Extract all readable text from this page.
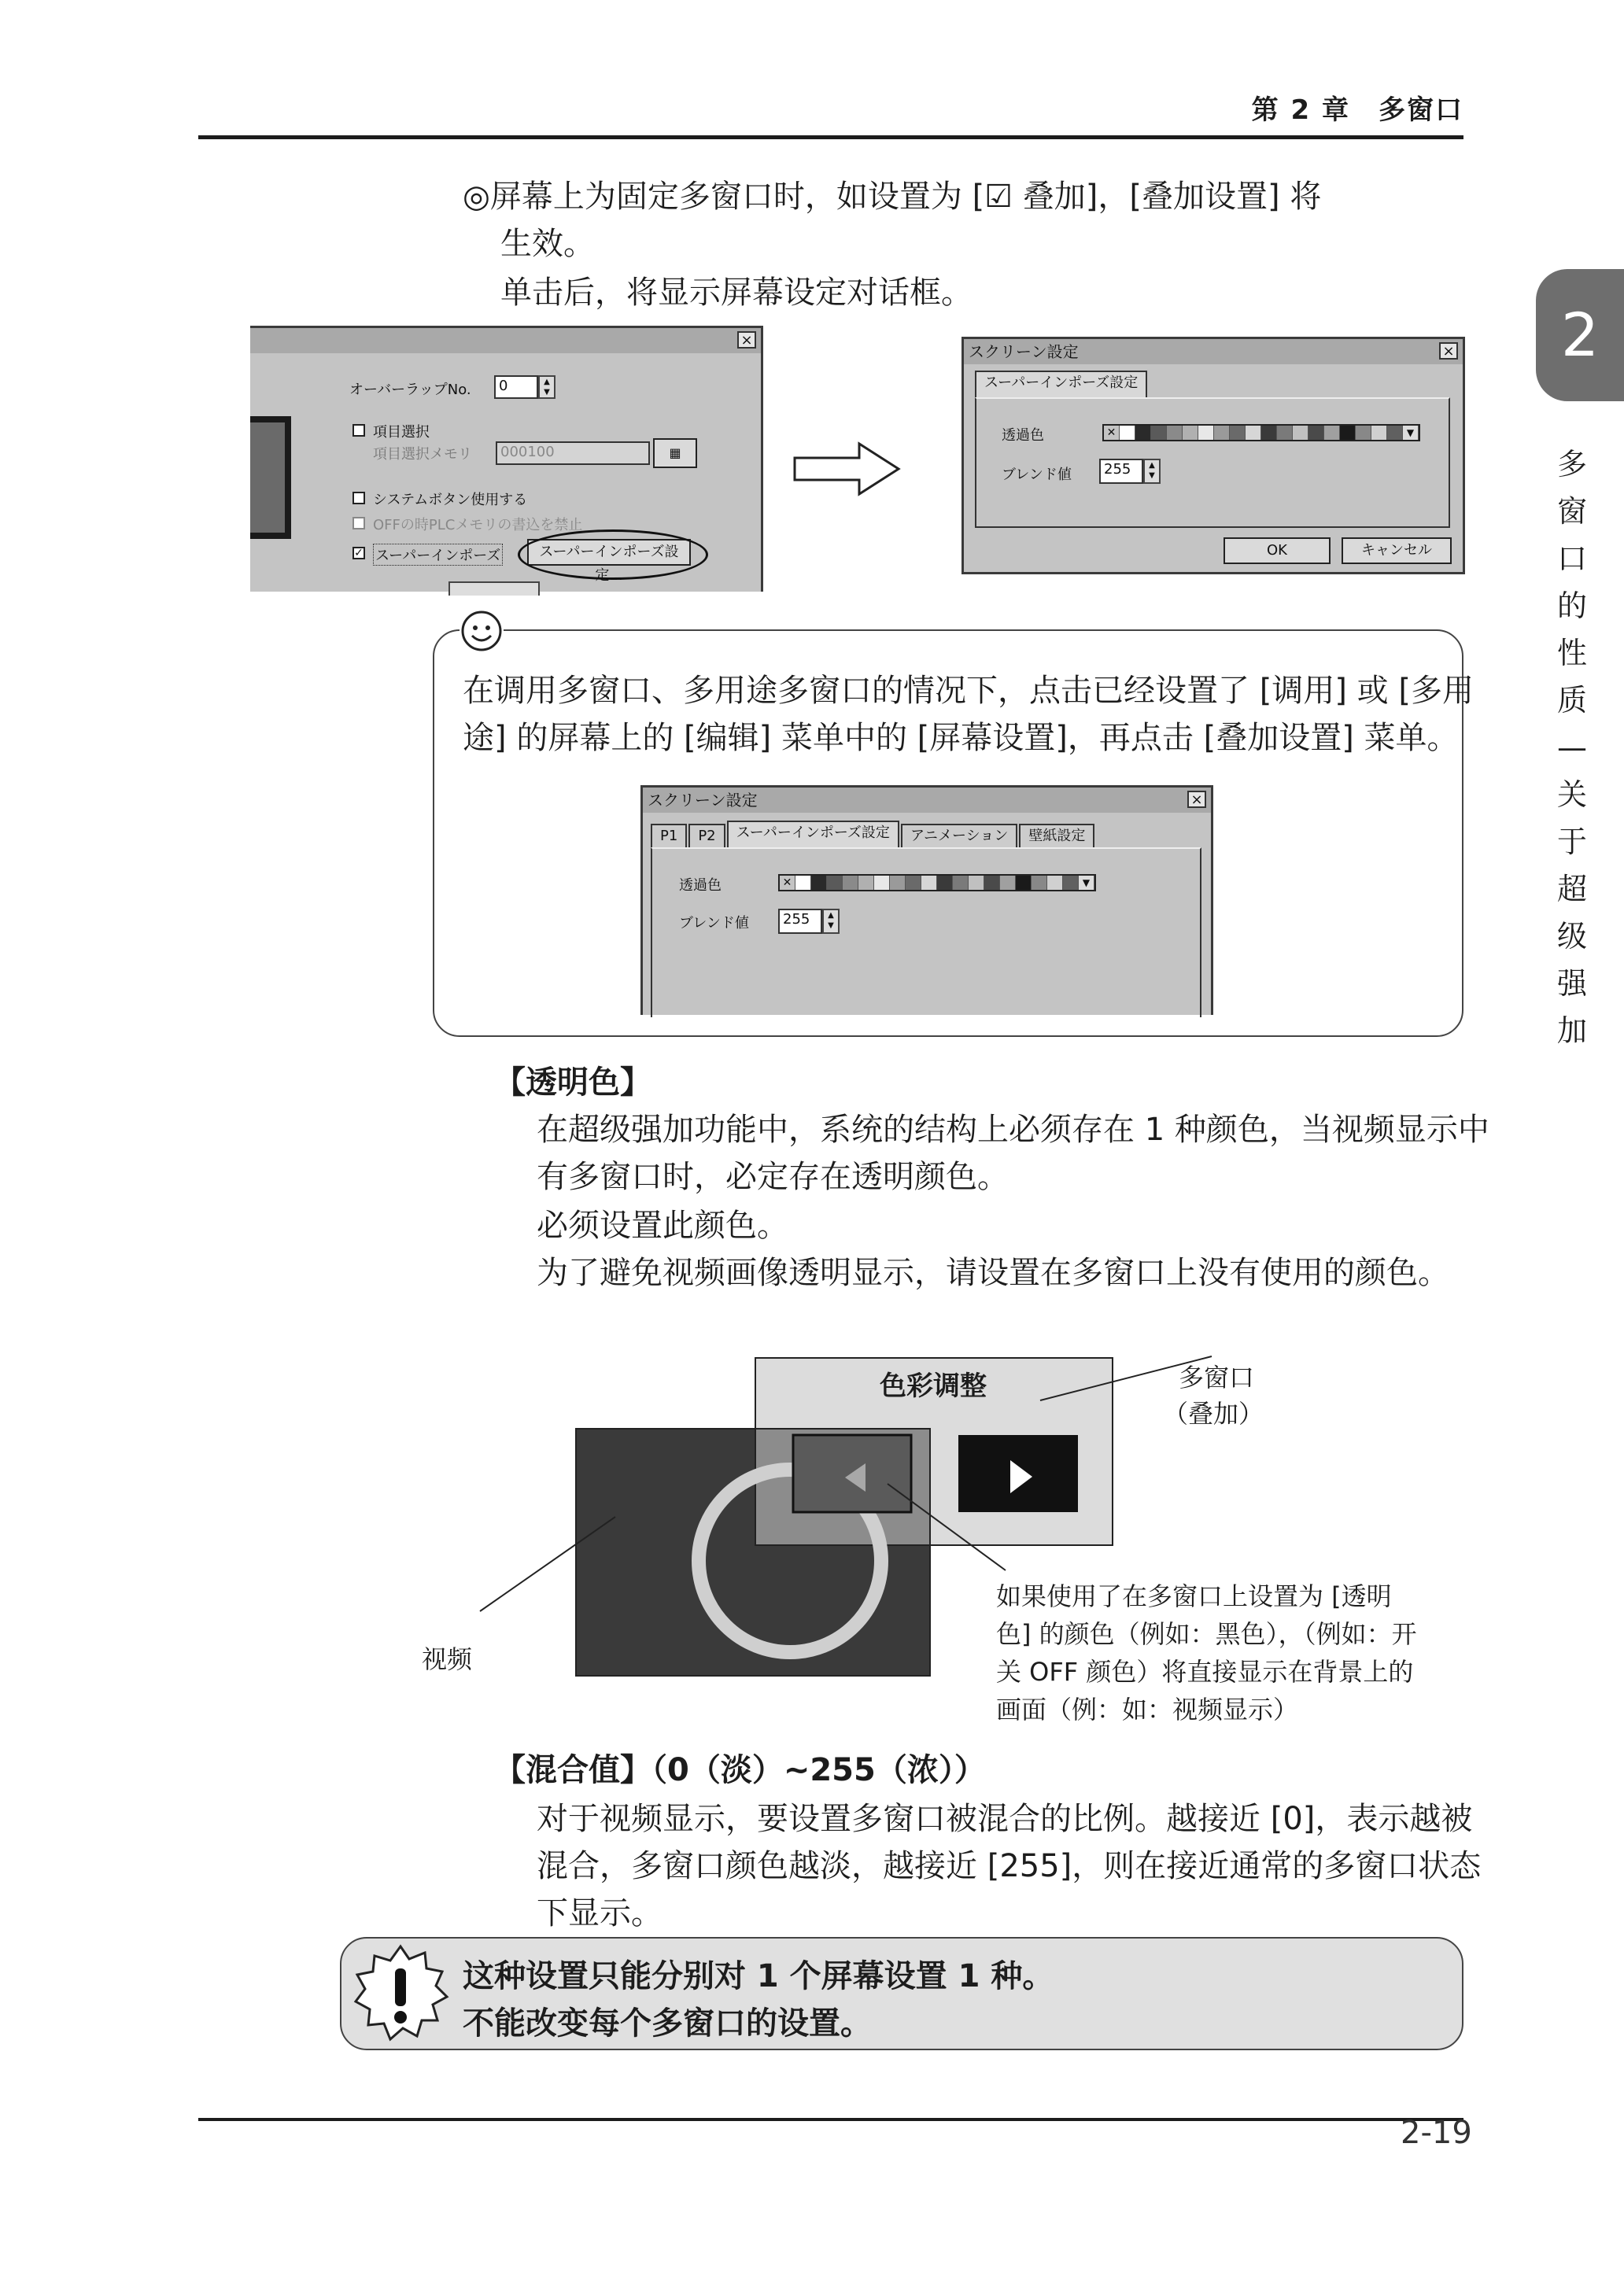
第 2 章　多窗口
2
多窗口的性质—关于超级强加
◎屏幕上为固定多窗口时，如设置为 [☑ 叠加]，[叠加设置] 将
生效。
单击后，将显示屏幕设定对话框。
×
オーバーラップNo.	0	▲
▼
項目選択
項目選択メモリ	000100	▦
システムボタン使用する
OFFの時PLCメモリの書込を禁止
✓ スーパーインポーズ	スーパーインポーズ設定...
スクリーン設定	×
スーパーインポーズ設定
透過色	✕	▼
ブレンド値	255	▲
▼
OK	キャンセル
在调用多窗口、多用途多窗口的情况下，点击已经设置了 [调用] 或 [多用
途] 的屏幕上的 [编辑] 菜单中的 [屏幕设置]，再点击 [叠加设置] 菜单。
スクリーン設定	×
P1	P2	スーパーインポーズ設定	アニメーション	壁紙設定
透過色	✕	▼
ブレンド値	255	▲
▼
【透明色】
在超级强加功能中，系统的结构上必须存在 1 种颜色，当视频显示中
有多窗口时，必定存在透明颜色。
必须设置此颜色。
为了避免视频画像透明显示，请设置在多窗口上没有使用的颜色。
色彩调整	多窗口
（叠加）
视频
如果使用了在多窗口上设置为 [透明
色] 的颜色（例如：黑色），（例如：开
关 OFF 颜色）将直接显示在背景上的
画面（例：如：视频显示）
【混合值】（0（淡）~255（浓））
对于视频显示，要设置多窗口被混合的比例。越接近 [0]，表示越被
混合，多窗口颜色越淡，越接近 [255]，则在接近通常的多窗口状态
下显示。
这种设置只能分别对 1 个屏幕设置 1 种。
不能改变每个多窗口的设置。
2-19
